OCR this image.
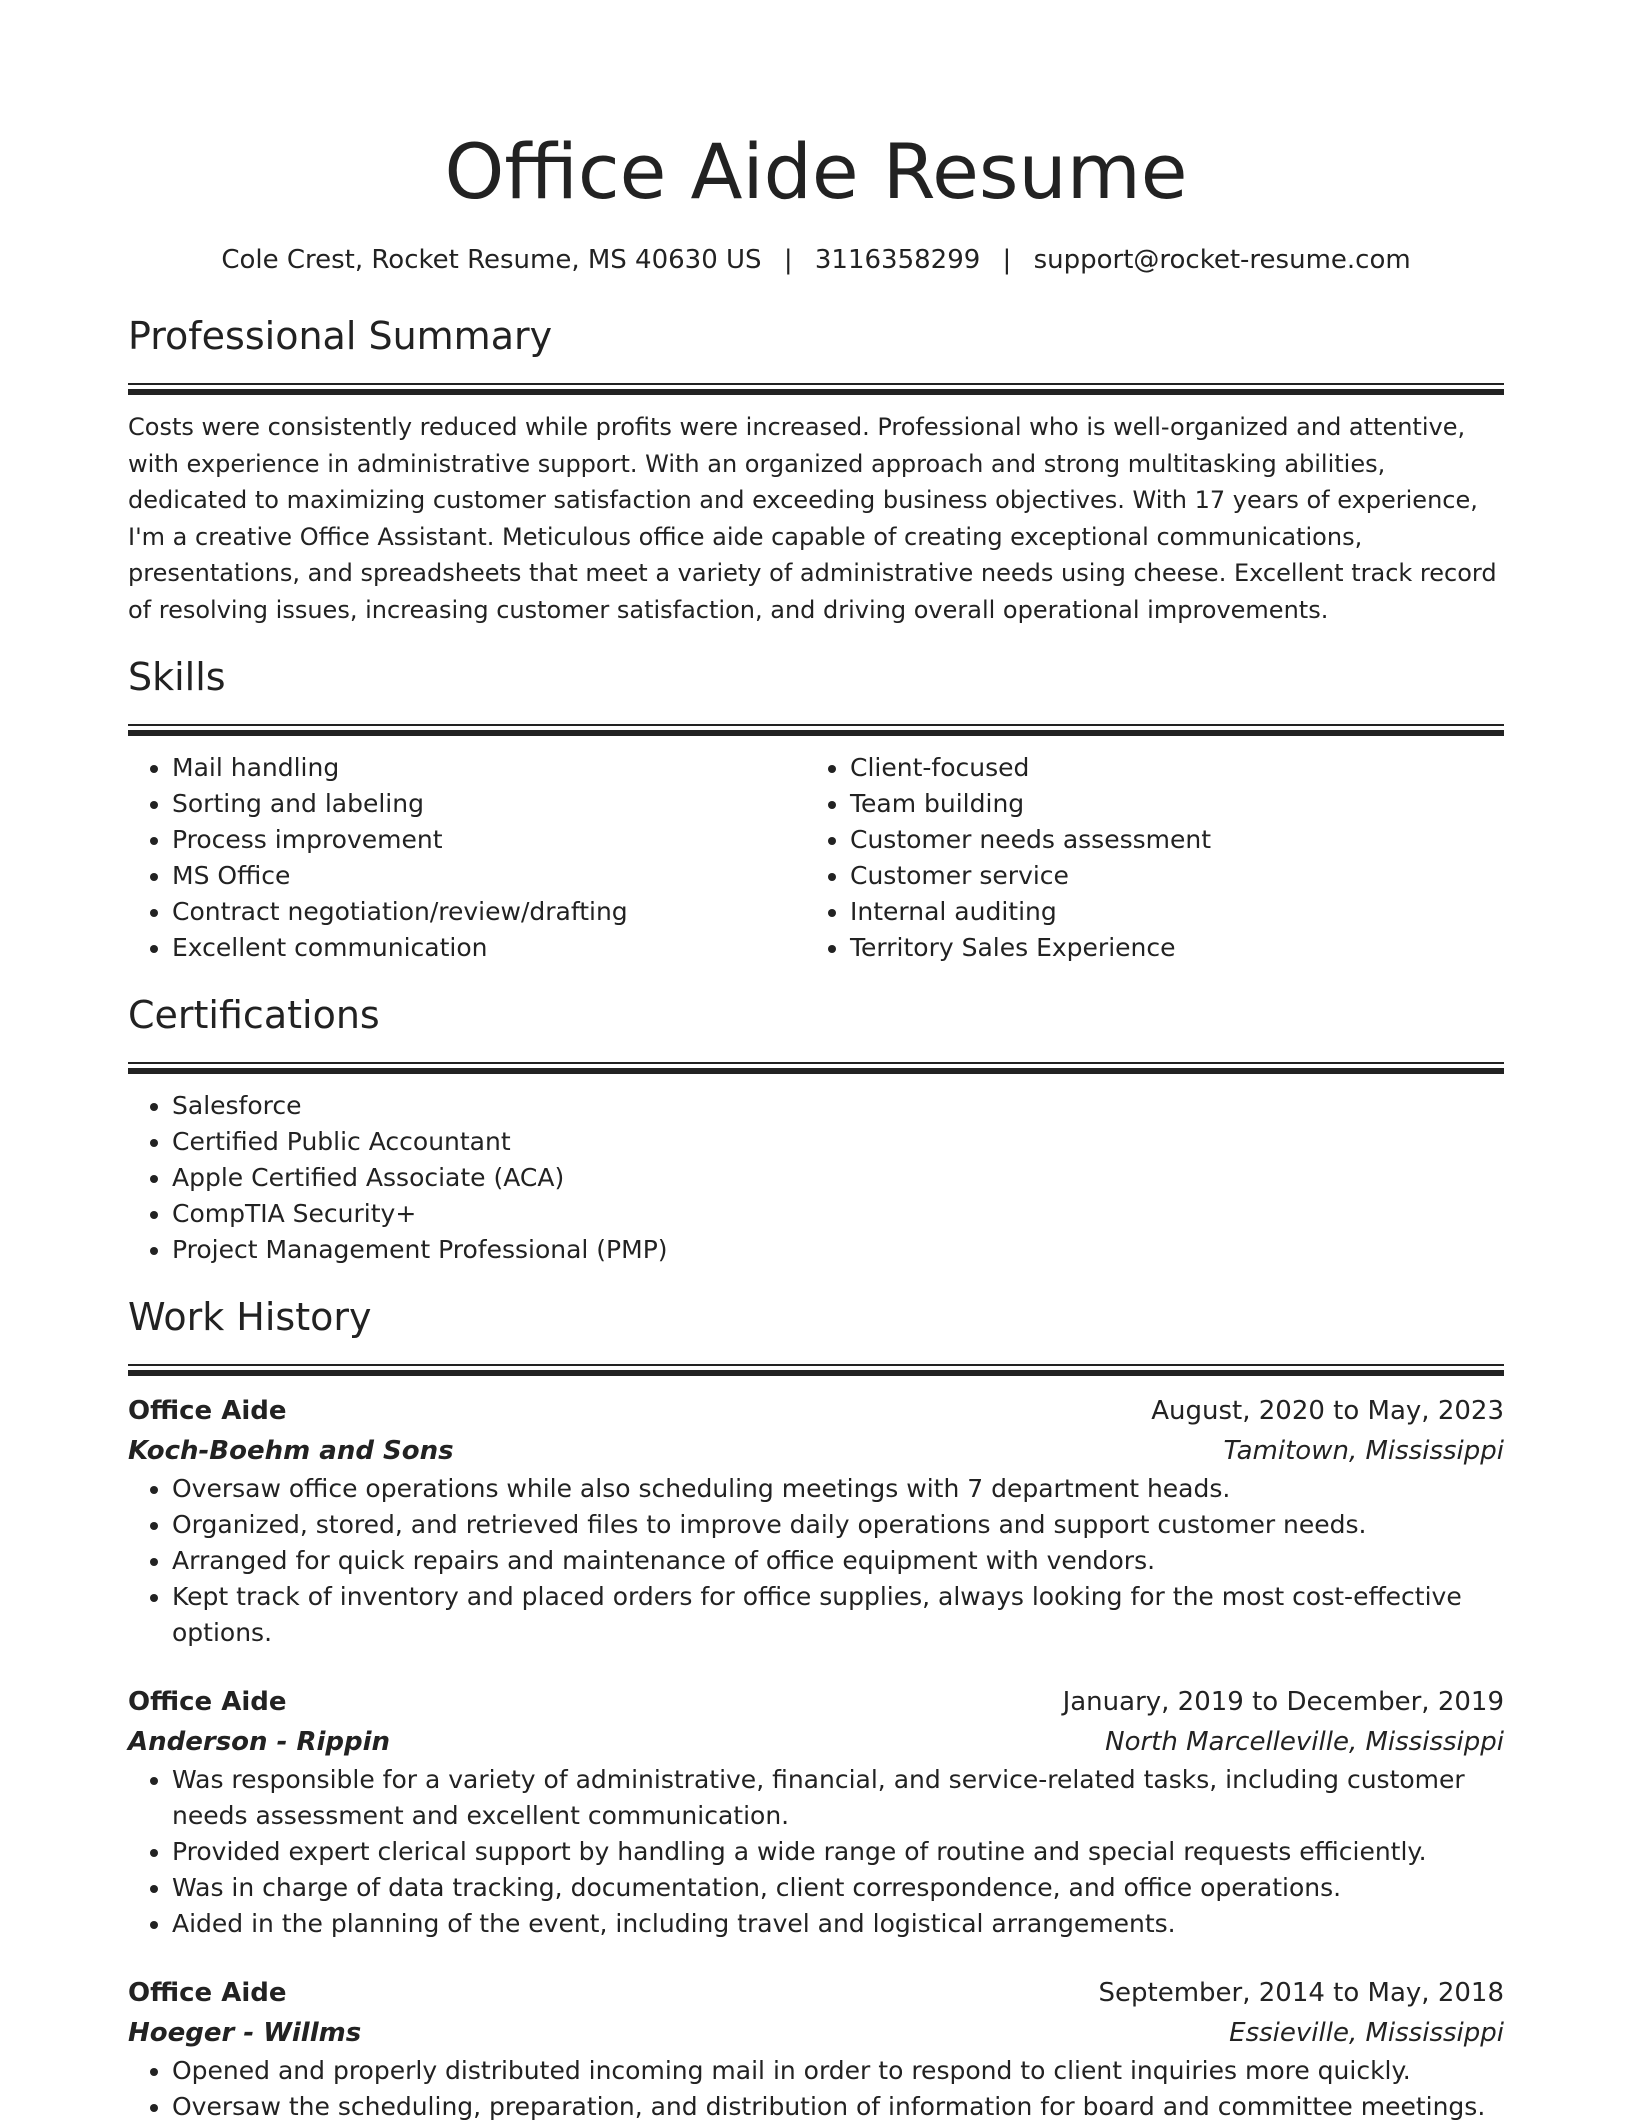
Office Aide Resume
Cole Crest, Rocket Resume, MS 40630 US | 3116358299 | support@rocket-resume.com
Professional Summary

Costs were consistently reduced while profits were increased. Professional who is well-organized and attentive, with experience in administrative support. With an organized approach and strong multitasking abilities, dedicated to maximizing customer satisfaction and exceeding business objectives. With 17 years of experience, I'm a creative Office Assistant. Meticulous office aide capable of creating exceptional communications, presentations, and spreadsheets that meet a variety of administrative needs using cheese. Excellent track record of resolving issues, increasing customer satisfaction, and driving overall operational improvements.

Skills
• Mail handling
• Sorting and labeling
• Process improvement
• MS Office
• Contract negotiation/review/drafting
• Excellent communication
• Client-focused
• Team building
• Customer needs assessment
• Customer service
• Internal auditing
• Territory Sales Experience
Certifications
• Salesforce
• Certified Public Accountant
• Apple Certified Associate (ACA)
• CompTIA Security+
• Project Management Professional (PMP)
Work History
Office Aide	August, 2020 to May, 2023
Koch-Boehm and Sons	Tamitown, Mississippi
• Oversaw office operations while also scheduling meetings with 7 department heads.
• Organized, stored, and retrieved files to improve daily operations and support customer needs.
• Arranged for quick repairs and maintenance of office equipment with vendors.
• Kept track of inventory and placed orders for office supplies, always looking for the most cost-effective options.
Office Aide	January, 2019 to December, 2019
Anderson - Rippin	North Marcelleville, Mississippi
• Was responsible for a variety of administrative, financial, and service-related tasks, including customer needs assessment and excellent communication.
• Provided expert clerical support by handling a wide range of routine and special requests efficiently.
• Was in charge of data tracking, documentation, client correspondence, and office operations.
• Aided in the planning of the event, including travel and logistical arrangements.
Office Aide	September, 2014 to May, 2018
Hoeger - Willms	Essieville, Mississippi
• Opened and properly distributed incoming mail in order to respond to client inquiries more quickly.
• Oversaw the scheduling, preparation, and distribution of information for board and committee meetings.
